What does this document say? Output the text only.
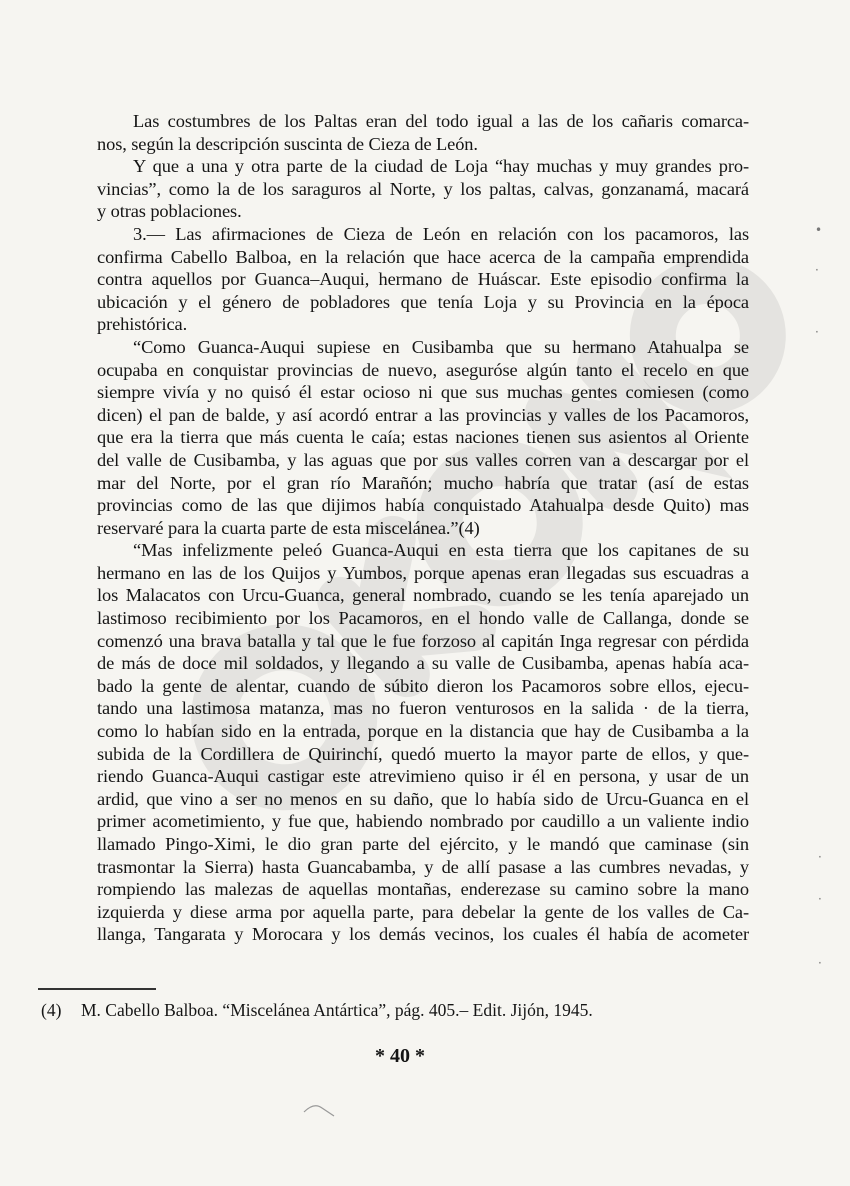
Las costumbres de los Paltas eran del todo igual a las de los cañaris comarca-
nos, según la descripción suscinta de Cieza de León.
Y que a una y otra parte de la ciudad de Loja “hay muchas y muy grandes pro-
vincias”, como la de los saraguros al Norte, y los paltas, calvas, gonzanamá, macará
y otras poblaciones.
3.— Las afirmaciones de Cieza de León en relación con los pacamoros, las
confirma Cabello Balboa, en la relación que hace acerca de la campaña emprendida
contra aquellos por Guanca–Auqui, hermano de Huáscar. Este episodio confirma la
ubicación y el género de pobladores que tenía Loja y su Provincia en la época
prehistórica.
“Como Guanca-Auqui supiese en Cusibamba que su hermano Atahualpa se
ocupaba en conquistar provincias de nuevo, aseguróse algún tanto el recelo en que
siempre vivía y no quisó él estar ocioso ni que sus muchas gentes comiesen (como
dicen) el pan de balde, y así acordó entrar a las provincias y valles de los Pacamoros,
que era la tierra que más cuenta le caía; estas naciones tienen sus asientos al Oriente
del valle de Cusibamba, y las aguas que por sus valles corren van a descargar por el
mar del Norte, por el gran río Marañón; mucho habría que tratar (así de estas
provincias como de las que dijimos había conquistado Atahualpa desde Quito) mas
reservaré para la cuarta parte de esta miscelánea.”(4)
“Mas infelizmente peleó Guanca-Auqui en esta tierra que los capitanes de su
hermano en las de los Quijos y Yumbos, porque apenas eran llegadas sus escuadras a
los Malacatos con Urcu-Guanca, general nombrado, cuando se les tenía aparejado un
lastimoso recibimiento por los Pacamoros, en el hondo valle de Callanga, donde se
comenzó una brava batalla y tal que le fue forzoso al capitán Inga regresar con pérdida
de más de doce mil soldados, y llegando a su valle de Cusibamba, apenas había aca-
bado la gente de alentar, cuando de súbito dieron los Pacamoros sobre ellos, ejecu-
tando una lastimosa matanza, mas no fueron venturosos en la salida · de la tierra,
como lo habían sido en la entrada, porque en la distancia que hay de Cusibamba a la
subida de la Cordillera de Quirinchí, quedó muerto la mayor parte de ellos, y que-
riendo Guanca-Auqui castigar este atrevimieno quiso ir él en persona, y usar de un
ardid, que vino a ser no menos en su daño, que lo había sido de Urcu-Guanca en el
primer acometimiento, y fue que, habiendo nombrado por caudillo a un valiente indio
llamado Pingo-Ximi, le dio gran parte del ejército, y le mandó que caminase (sin
trasmontar la Sierra) hasta Guancabamba, y de allí pasase a las cumbres nevadas, y
rompiendo las malezas de aquellas montañas, enderezase su camino sobre la mano
izquierda y diese arma por aquella parte, para debelar la gente de los valles de Ca-
llanga, Tangarata y Morocara y los demás vecinos, los cuales él había de acometer
(4) M. Cabello Balboa. “Miscelánea Antártica”, pág. 405.– Edit. Jijón, 1945.
* 40 *
•
·
·
·
·
·
